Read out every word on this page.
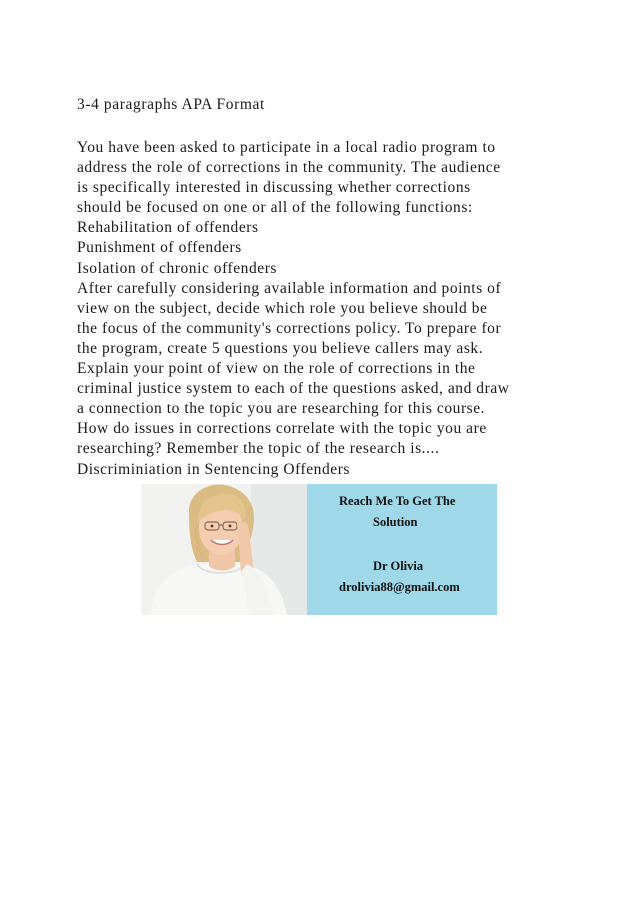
3-4 paragraphs APA Format
You have been asked to participate in a local radio program to
address the role of corrections in the community. The audience
is specifically interested in discussing whether corrections
should be focused on one or all of the following functions:
Rehabilitation of offenders
Punishment of offenders
Isolation of chronic offenders
After carefully considering available information and points of
view on the subject, decide which role you believe should be
the focus of the community's corrections policy. To prepare for
the program, create 5 questions you believe callers may ask.
Explain your point of view on the role of corrections in the
criminal justice system to each of the questions asked, and draw
a connection to the topic you are researching for this course.
How do issues in corrections correlate with the topic you are
researching? Remember the topic of the research is....
Discriminiation in Sentencing Offenders
Reach Me To Get The
Solution
Dr Olivia
drolivia88@gmail.com
